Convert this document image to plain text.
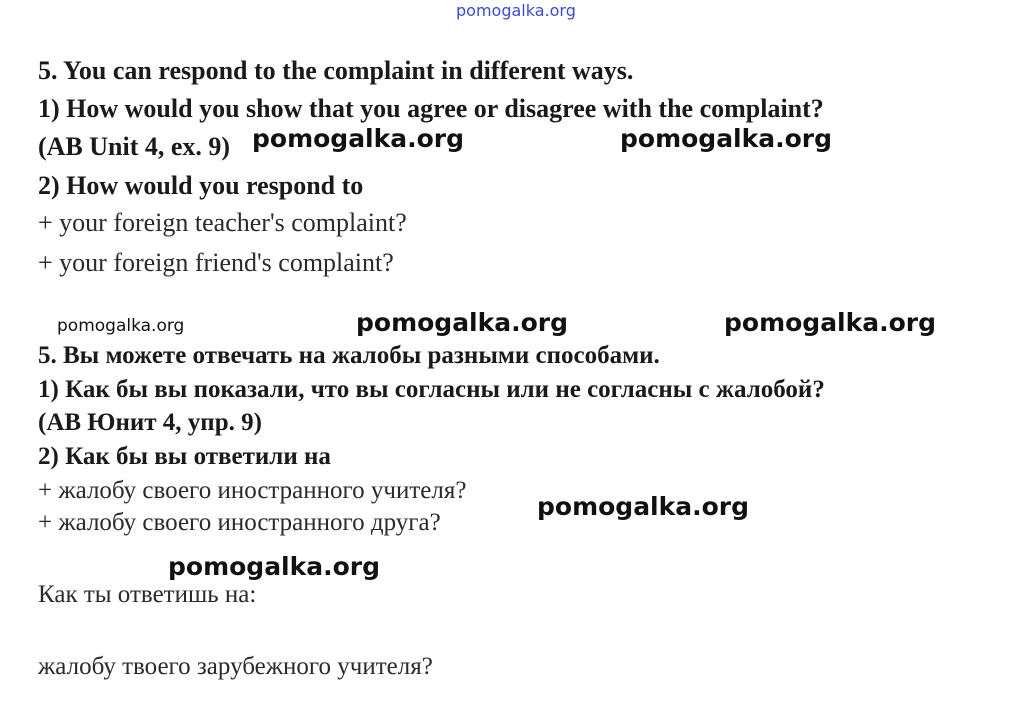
pomogalka.org
5. You can respond to the complaint in different ways.
1) How would you show that you agree or disagree with the complaint?
(AB Unit 4, ex. 9)
2) How would you respond to
+ your foreign teacher's complaint?
+ your foreign friend's complaint?
pomogalka.org	pomogalka.org
pomogalka.org	pomogalka.org	pomogalka.org
5. Вы можете отвечать на жалобы разными способами.
1) Как бы вы показали, что вы согласны или не согласны с жалобой?
(АВ Юнит 4, упр. 9)
2) Как бы вы ответили на
+ жалобу своего иностранного учителя?
+ жалобу своего иностранного друга?
pomogalka.org
pomogalka.org
Как ты ответишь на:
жалобу твоего зарубежного учителя?
